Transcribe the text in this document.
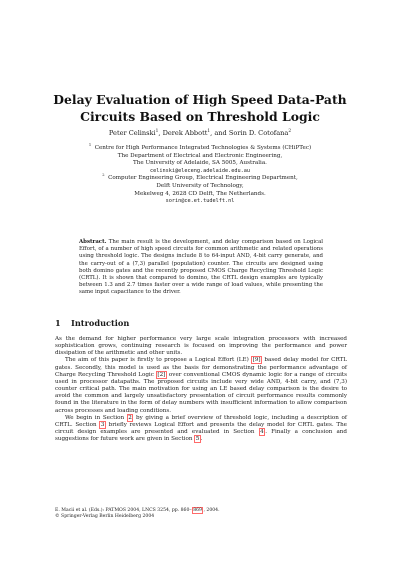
Delay Evaluation of High Speed Data-Path
Circuits Based on Threshold Logic
Peter Celinski$^1$, Derek Abbott$^1$, and Sorin D. Cotofana$^2$
$^1$ Centre for High Performance Integrated Technologies & Systems (CHiPTec)
The Department of Electrical and Electronic Engineering,
The University of Adelaide, SA 5005, Australia.
celinski@eleceng.adelaide.edu.au
$^2$ Computer Engineering Group, Electrical Engineering Department,
Delft University of Technology,
Mekelweg 4, 2628 CD Delft, The Netherlands.
sorin@ce.et.tudelft.nl
Abstract. The main result is the development, and delay comparison based on Logical Effort, of a number of high speed circuits for common arithmetic and related operations using threshold logic. The designs include 8 to 64-input AND, 4-bit carry generate, and the carry-out of a (7,3) parallel (population) counter. The circuits are designed using both domino gates and the recently proposed CMOS Charge Recycling Threshold Logic (CRTL). It is shown that compared to domino, the CRTL design examples are typically between 1.3 and 2.7 times faster over a wide range of load values, while presenting the same input capacitance to the driver.
1 Introduction

As the demand for higher performance very large scale integration processors with increased sophistication grows, continuing research is focused on improving the performance and power dissipation of the arithmetic and other units.

The aim of this paper is firstly to propose a Logical Effort (LE) [9] based delay model for CRTL gates. Secondly, this model is used as the basis for demonstrating the performance advantage of Charge Recycling Threshold Logic [2] over conventional CMOS dynamic logic for a range of circuits used in processor datapaths. The proposed circuits include very wide AND, 4-bit carry, and (7,3) counter critical path. The main motivation for using an LE based delay comparison is the desire to avoid the common and largely unsatisfactory presentation of circuit performance results commonly found in the literature in the form of delay numbers with insufficient information to allow comparison across processes and loading conditions.

We begin in Section 2 by giving a brief overview of threshold logic, including a description of CRTL. Section 3 briefly reviews Logical Effort and presents the delay model for CRTL gates. The circuit design examples are presented and evaluated in Section 4 . Finally a conclusion and suggestions for future work are given in Section 5 .

E. Macii et al. (Eds.): PATMOS 2004, LNCS 3254, pp. 860– 869 , 2004.
© Springer-Verlag Berlin Heidelberg 2004
